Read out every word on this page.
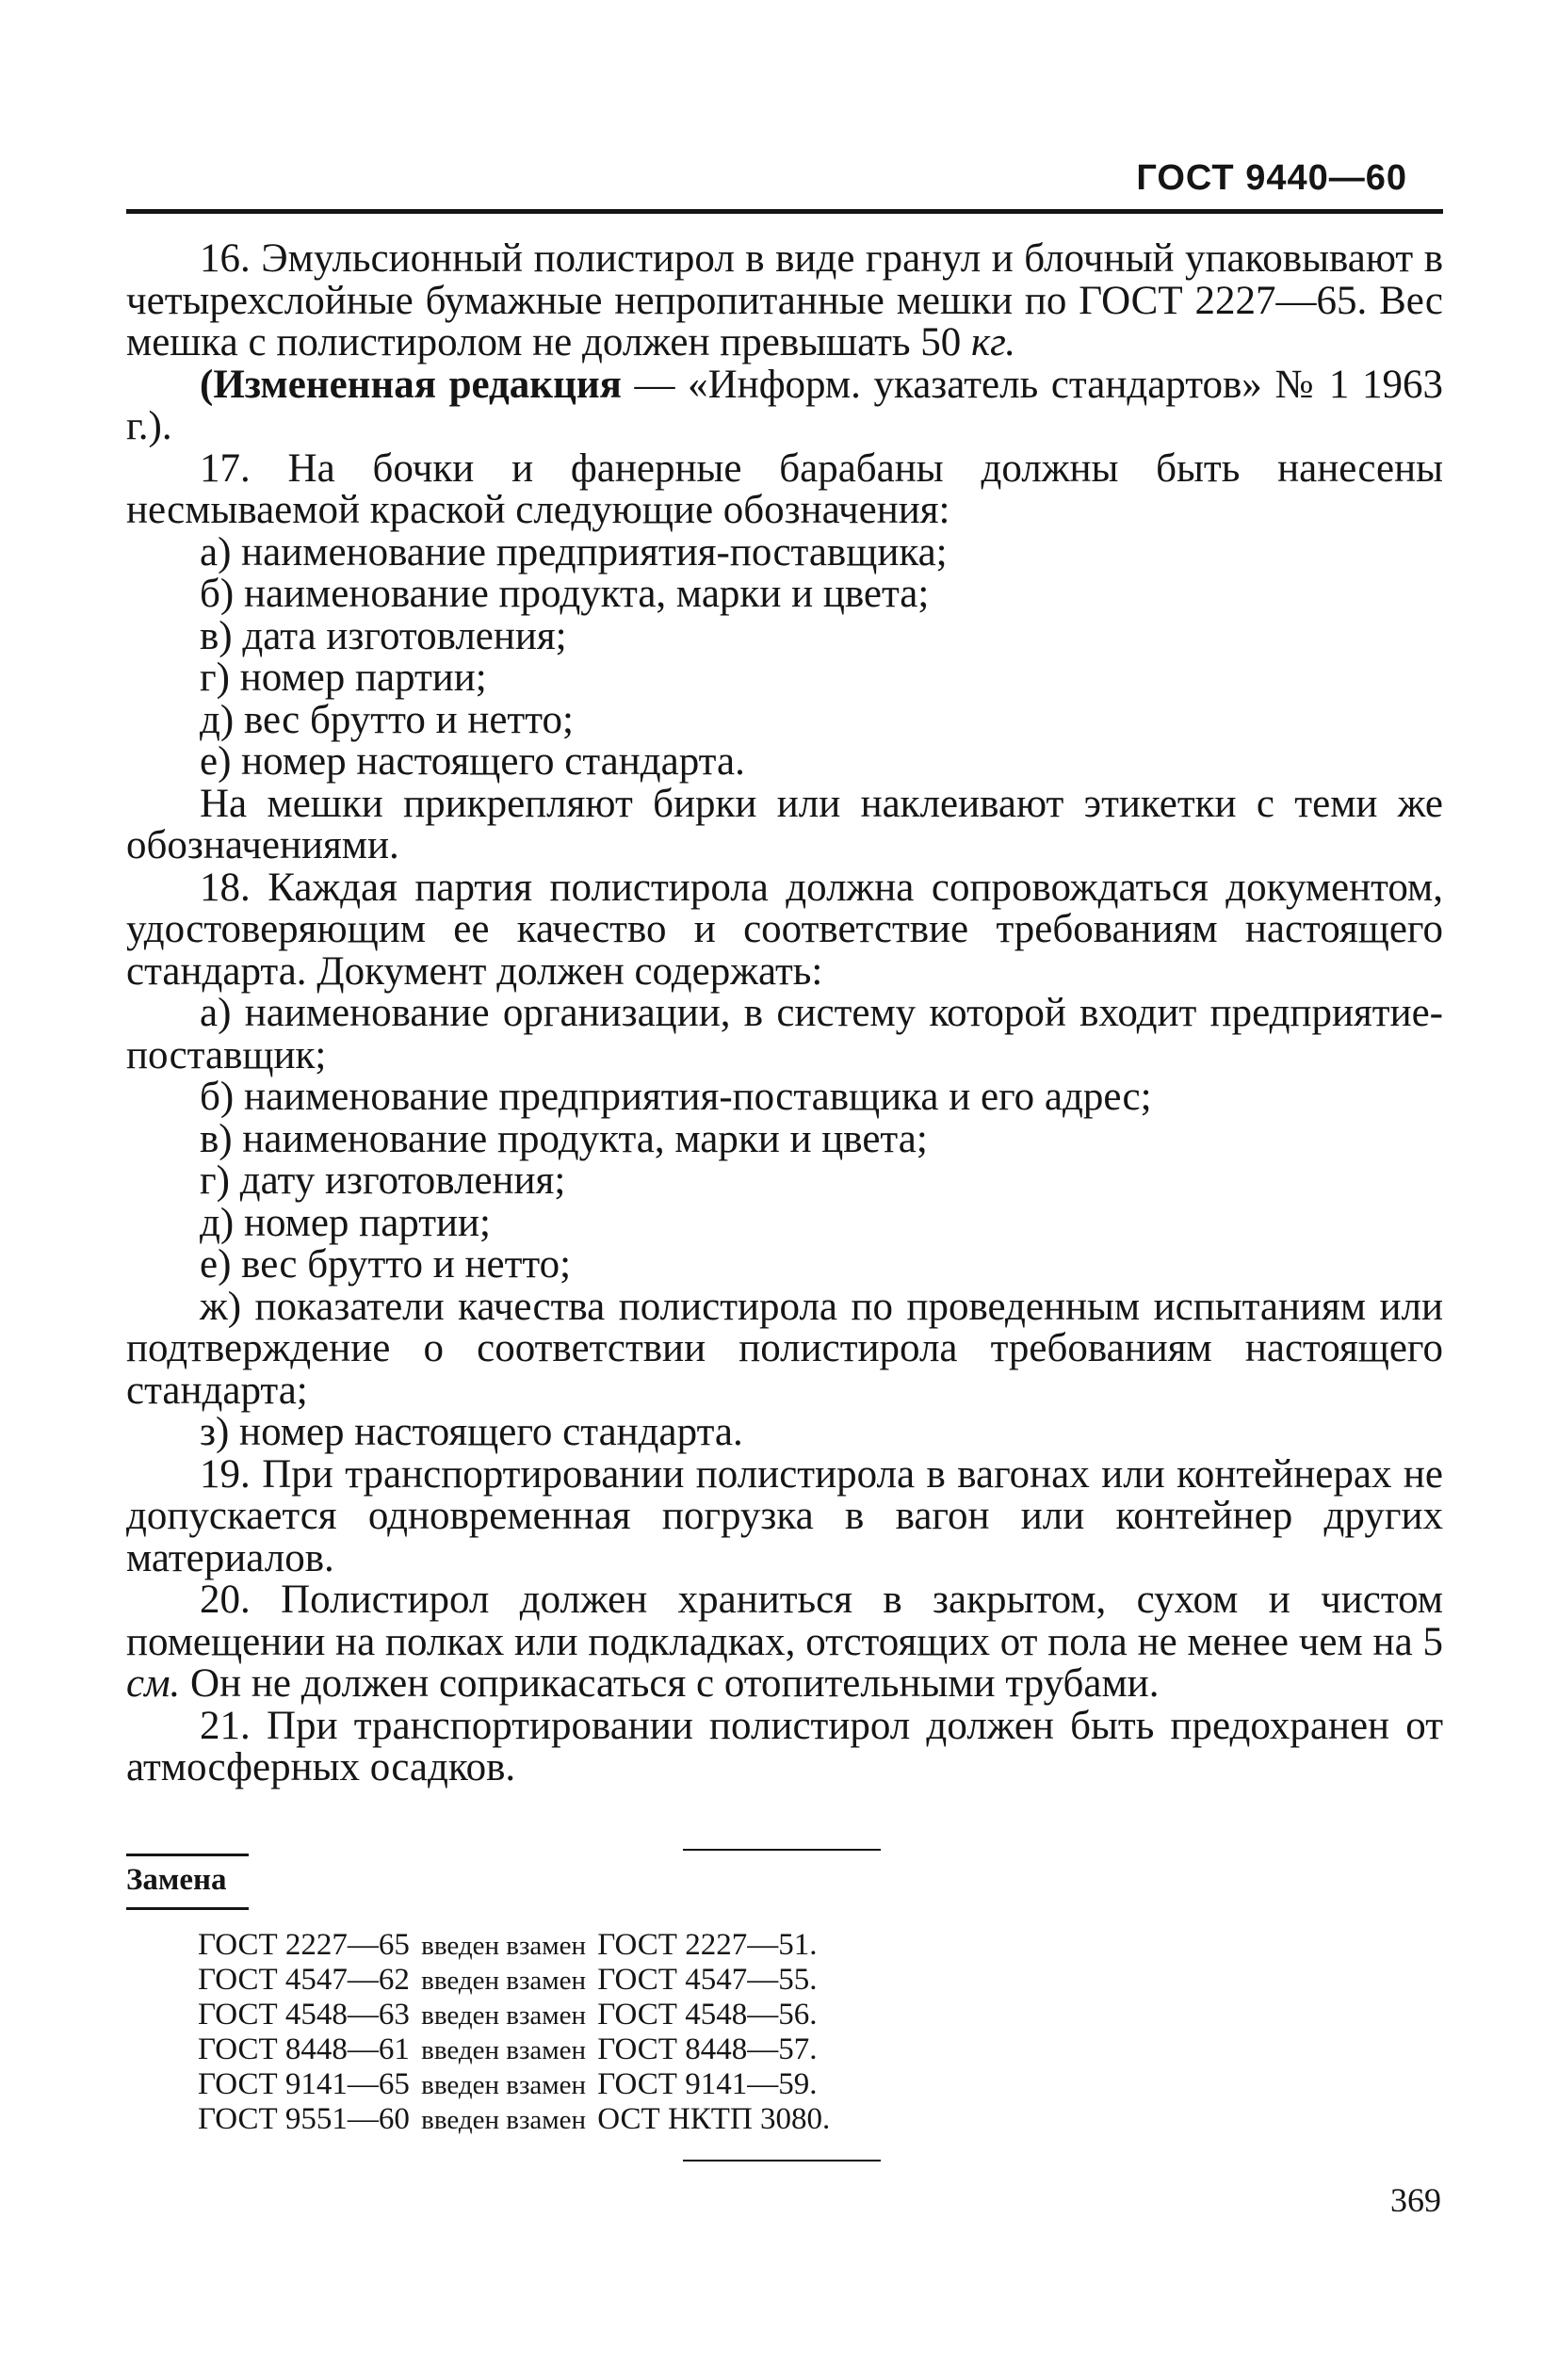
ГОСТ 9440—60

16. Эмульсионный полистирол в виде гранул и блочный упаковывают в четырехслойные бумажные непропитанные мешки по ГОСТ 2227—65. Вес мешка с полистиролом не должен превышать 50 кг.

(Измененная редакция — «Информ. указатель стандартов» № 1 1963 г.).

17. На бочки и фанерные барабаны должны быть нанесены несмываемой краской следующие обозначения:

а) наименование предприятия-поставщика;

б) наименование продукта, марки и цвета;

в) дата изготовления;

г) номер партии;

д) вес брутто и нетто;

е) номер настоящего стандарта.

На мешки прикрепляют бирки или наклеивают этикетки с теми же обозначениями.

18. Каждая партия полистирола должна сопровождаться документом, удостоверяющим ее качество и соответствие требованиям настоящего стандарта. Документ должен содержать:

а) наименование организации, в систему которой входит предприятие-поставщик;

б) наименование предприятия-поставщика и его адрес;

в) наименование продукта, марки и цвета;

г) дату изготовления;

д) номер партии;

е) вес брутто и нетто;

ж) показатели качества полистирола по проведенным испытаниям или подтверждение о соответствии полистирола требованиям настоящего стандарта;

з) номер настоящего стандарта.

19. При транспортировании полистирола в вагонах или контейнерах не допускается одновременная погрузка в вагон или контейнер других материалов.

20. Полистирол должен храниться в закрытом, сухом и чистом помещении на полках или подкладках, отстоящих от пола не менее чем на 5 см. Он не должен соприкасаться с отопительными трубами.

21. При транспортировании полистирол должен быть предохранен от атмосферных осадков.

Замена
ГОСТ 2227—65 введен взамен ГОСТ 2227—51.
ГОСТ 4547—62 введен взамен ГОСТ 4547—55.
ГОСТ 4548—63 введен взамен ГОСТ 4548—56.
ГОСТ 8448—61 введен взамен ГОСТ 8448—57.
ГОСТ 9141—65 введен взамен ГОСТ 9141—59.
ГОСТ 9551—60 введен взамен ОСТ НКТП 3080.
369
